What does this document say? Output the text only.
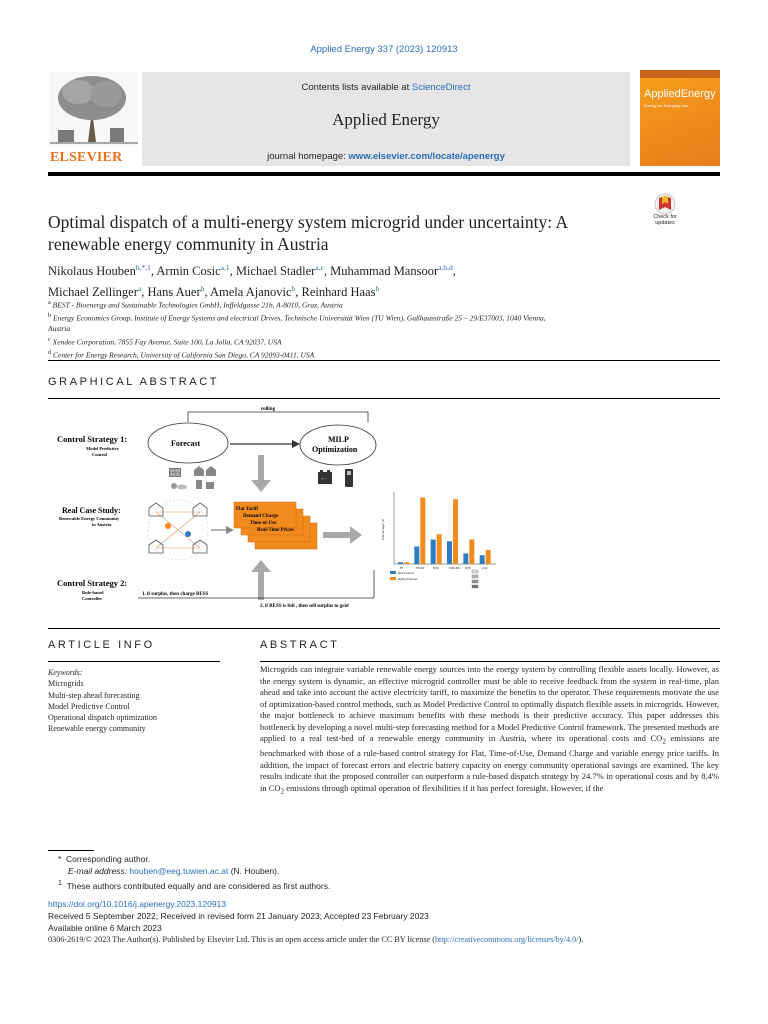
Applied Energy 337 (2023) 120913
ELSEVIER
Contents lists available at ScienceDirect
Applied Energy
journal homepage: www.elsevier.com/locate/apenergy
AppliedEnergy
Energy for Everyday Use
Optimal dispatch of a multi-energy system microgrid under uncertainty: A renewable energy community in Austria
Check for updates
Nikolaus Houben$^{b,*,1}$, Armin Cosic$^{a,1}$, Michael Stadler$^{a,c}$, Muhammad Mansoor$^{a,b,d}$,
Michael Zellinger$^a$, Hans Auer$^b$, Amela Ajanovic$^b$, Reinhard Haas$^b$
$^a$ BEST - Bioenergy and Sustainable Technologies GmbH, Inffeldgasse 21b, A-8010, Graz, Austria
$^b$ Energy Economics Group, Institute of Energy Systems and electrical Drives, Technische Universität Wien (TU Wien), Gußhausstraße 25 – 29/E37003, 1040 Vienna, Austria
$^c$ Xendee Corporation, 7855 Fay Avenue, Suite 100, La Jolla, CA 92037, USA
$^d$ Center for Energy Research, University of California San Diego, CA 92093-0411, USA
GRAPHICAL ABSTRACT
rolling
Control Strategy 1:
Model Predictive
Control
Forecast	MILP
Optimization
+ −
Real Case Study:
Renewable Energy Community
in Austria
Flat Tariff
Demand Charge
Time-of-Use
Real-Time Prices
Control Strategy 2:
Rule-based
Controller
1. if surplus, then charge BESS
2. if BESS is full , then sell surplus to grid
Cost Savings (%)
FT	FT-DC	TOU	TOU-DC RTP	CO2
Real forecast
Perfect Forecast
ARTICLE INFO
Keywords:
Microgrids
Multi-step ahead forecasting
Model Predictive Control
Operational dispatch optimization
Renewable energy community
ABSTRACT
Microgrids can integrate variable renewable energy sources into the energy system by controlling flexible assets locally. However, as the energy system is dynamic, an effective microgrid controller must be able to receive feedback from the system in real-time, plan ahead and take into account the active electricity tariff, to maximize the benefits to the operator. These requirements motivate the use of optimization-based control methods, such as Model Predictive Control to optimally dispatch flexible assets in microgrids. However, the major bottleneck to achieve maximum benefits with these methods is their predictive accuracy. This paper addresses this bottleneck by developing a novel multi-step forecasting method for a Model Predictive Control framework. The presented methods are applied to a real test-bed of a renewable energy community in Austria, where its operational costs and $CO_2$ emissions are benchmarked with those of a rule-based control strategy for Flat, Time-of-Use, Demand Charge and variable energy price tariffs. In addition, the impact of forecast errors and electric battery capacity on energy community operational savings are examined. The key results indicate that the proposed controller can outperform a rule-based dispatch strategy by 24.7% in operational costs and by 8.4% in $CO_2$ emissions through optimal operation of flexibilities if it has perfect foresight. However, if the
*  Corresponding author.
E-mail address: houben@eeg.tuwien.ac.at (N. Houben).
$^1$ These authors contributed equally and are considered as first authors.
https://doi.org/10.1016/j.apenergy.2023.120913
Received 5 September 2022; Received in revised form 21 January 2023; Accepted 23 February 2023
Available online 6 March 2023
0306-2619/© 2023 The Author(s). Published by Elsevier Ltd. This is an open access article under the CC BY license (http://creativecommons.org/licenses/by/4.0/).
